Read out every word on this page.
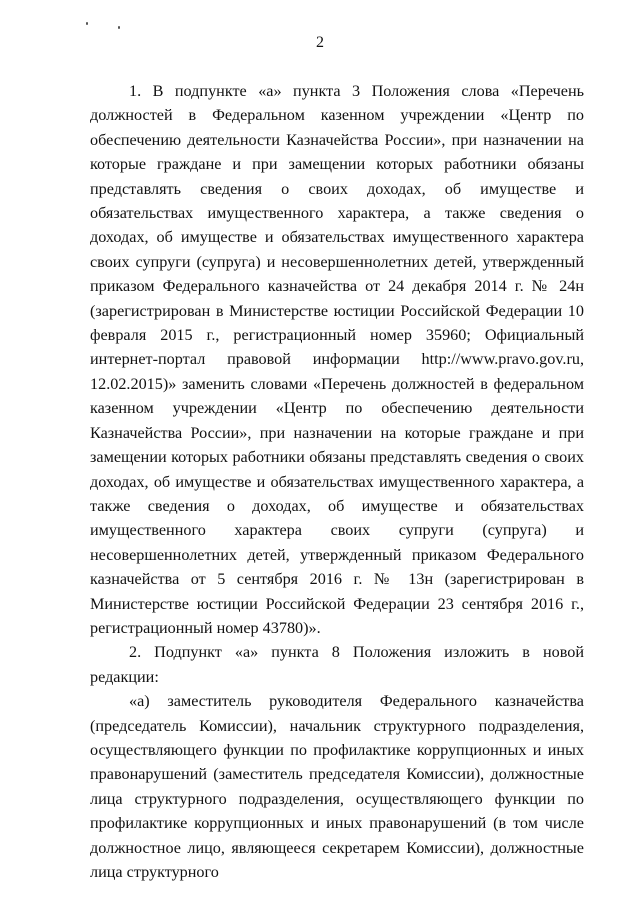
2

1. В подпункте «а» пункта 3 Положения слова «Перечень должностей в Федеральном казенном учреждении «Центр по обеспечению деятельности Казначейства России», при назначении на которые граждане и при замещении которых работники обязаны представлять сведения о своих доходах, об имуществе и обязательствах имущественного характера, а также сведения о доходах, об имуществе и обязательствах имущественного характера своих супруги (супруга) и несовершеннолетних детей, утвержденный приказом Федерального казначейства от 24 декабря 2014 г. № 24н (зарегистрирован в Министерстве юстиции Российской Федерации 10 февраля 2015 г., регистрационный номер 35960; Официальный интернет-портал правовой информации http://www.pravo.gov.ru, 12.02.2015)» заменить словами «Перечень должностей в федеральном казенном учреждении «Центр по обеспечению деятельности Казначейства России», при назначении на которые граждане и при замещении которых работники обязаны представлять сведения о своих доходах, об имуществе и обязательствах имущественного характера, а также сведения о доходах, об имуществе и обязательствах имущественного характера своих супруги (супруга) и несовершеннолетних детей, утвержденный приказом Федерального казначейства от 5 сентября 2016 г. № 13н (зарегистрирован в Министерстве юстиции Российской Федерации 23 сентября 2016 г., регистрационный номер 43780)».

2. Подпункт «а» пункта 8 Положения изложить в новой редакции:

«а) заместитель руководителя Федерального казначейства (председатель Комиссии), начальник структурного подразделения, осуществляющего функции по профилактике коррупционных и иных правонарушений (заместитель председателя Комиссии), должностные лица структурного подразделения, осуществляющего функции по профилактике коррупционных и иных правонарушений (в том числе должностное лицо, являющееся секретарем Комиссии), должностные лица структурного
